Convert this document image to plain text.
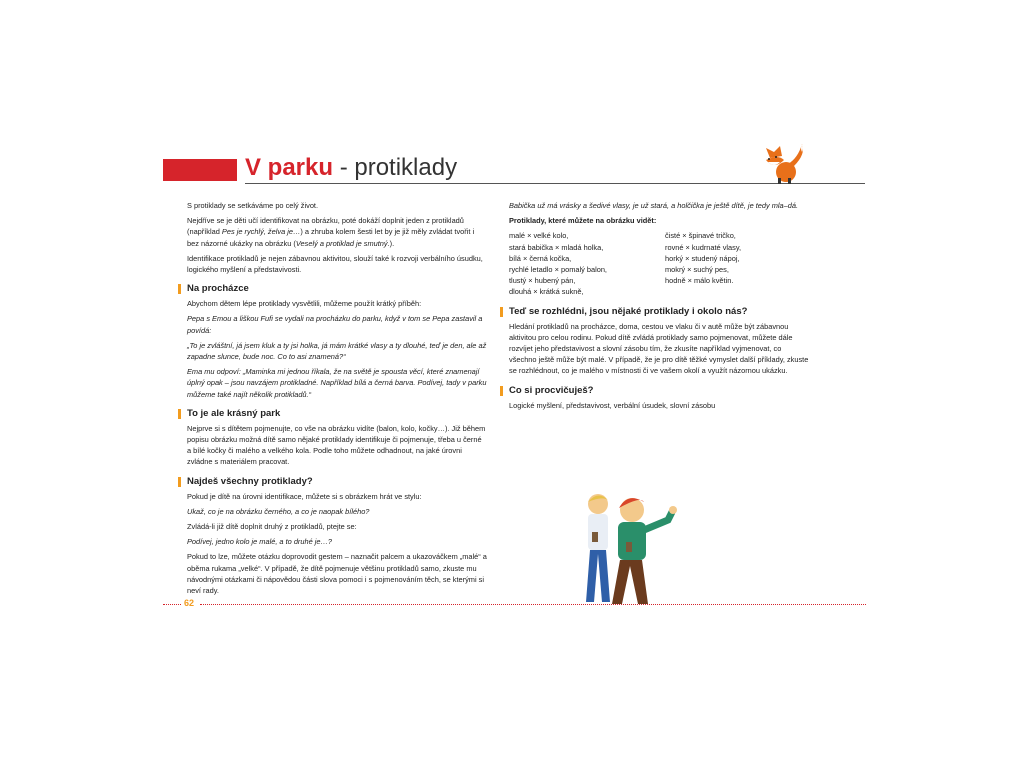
V parku - protiklady

S protiklady se setkáváme po celý život.

Nejdříve se je děti učí identifikovat na obrázku, poté dokáží doplnit jeden z protikladů (například Pes je rychlý, želva je…) a zhruba kolem šesti let by je již měly zvládat tvořit i bez názorné ukázky na obrázku (Veselý a protiklad je smutný.).

Identifikace protikladů je nejen zábavnou aktivitou, slouží také k rozvoji verbálního úsudku, logického myšlení a představivosti.

Na procházce

Abychom dětem lépe protiklady vysvětlili, můžeme použít krátký příběh:

Pepa s Emou a liškou Fufi se vydali na procházku do parku, když v tom se Pepa zastavil a povídá:

„To je zvláštní, já jsem kluk a ty jsi holka, já mám krátké vlasy a ty dlouhé, teď je den, ale až zapadne slunce, bude noc. Co to asi znamená?“

Ema mu odpoví: „Maminka mi jednou říkala, že na světě je spousta věcí, které znamenají úplný opak – jsou navzájem protikladné. Například bílá a černá barva. Podívej, tady v parku můžeme také najít několik protikladů.“

To je ale krásný park

Nejprve si s dítětem pojmenujte, co vše na obrázku vidíte (balon, kolo, kočky…). Již během popisu obrázku možná dítě samo nějaké protiklady identifikuje či pojmenuje, třeba u černé a bílé kočky či malého a velkého kola. Podle toho můžete odhadnout, na jaké úrovni zvládne s materiálem pracovat.

Najdeš všechny protiklady?

Pokud je dítě na úrovni identifikace, můžete si s obrázkem hrát ve stylu:

Ukaž, co je na obrázku černého, a co je naopak bílého?

Zvládá-li již dítě doplnit druhý z protikladů, ptejte se:

Podívej, jedno kolo je malé, a to druhé je…?

Pokud to lze, můžete otázku doprovodit gestem – naznačit palcem a ukazováčkem „malé“ a oběma rukama „velké“. V případě, že dítě pojmenuje většinu protikladů samo, zkuste mu návodnými otázkami či nápovědou části slova pomoci i s pojmenováním těch, se kterými si neví rady.

Babička už má vrásky a šedivé vlasy, je už stará, a holčička je ještě dítě, je tedy mla–dá.

Protiklady, které můžete na obrázku vidět:

malé × velké kolo,
stará babička × mladá holka,
bílá × černá kočka,
rychlé letadlo × pomalý balon,
tlustý × hubený pán,
dlouhá × krátká sukně,
čisté × špinavé tričko,
rovné × kudrnaté vlasy,
horký × studený nápoj,
mokrý × suchý pes,
hodně × málo květin.
Teď se rozhlédni, jsou nějaké protiklady i okolo nás?

Hledání protikladů na procházce, doma, cestou ve vlaku či v autě může být zábavnou aktivitou pro celou rodinu. Pokud dítě zvládá protiklady samo pojmenovat, můžete dále rozvíjet jeho představivost a slovní zásobu tím, že zkusíte například vyjmenovat, co všechno ještě může být malé. V případě, že je pro dítě těžké vymyslet další příklady, zkuste se rozhlédnout, co je malého v místnosti či ve vašem okolí a využít názornou ukázku.

Co si procvičuješ?

Logické myšlení, představivost, verbální úsudek, slovní zásobu

62
